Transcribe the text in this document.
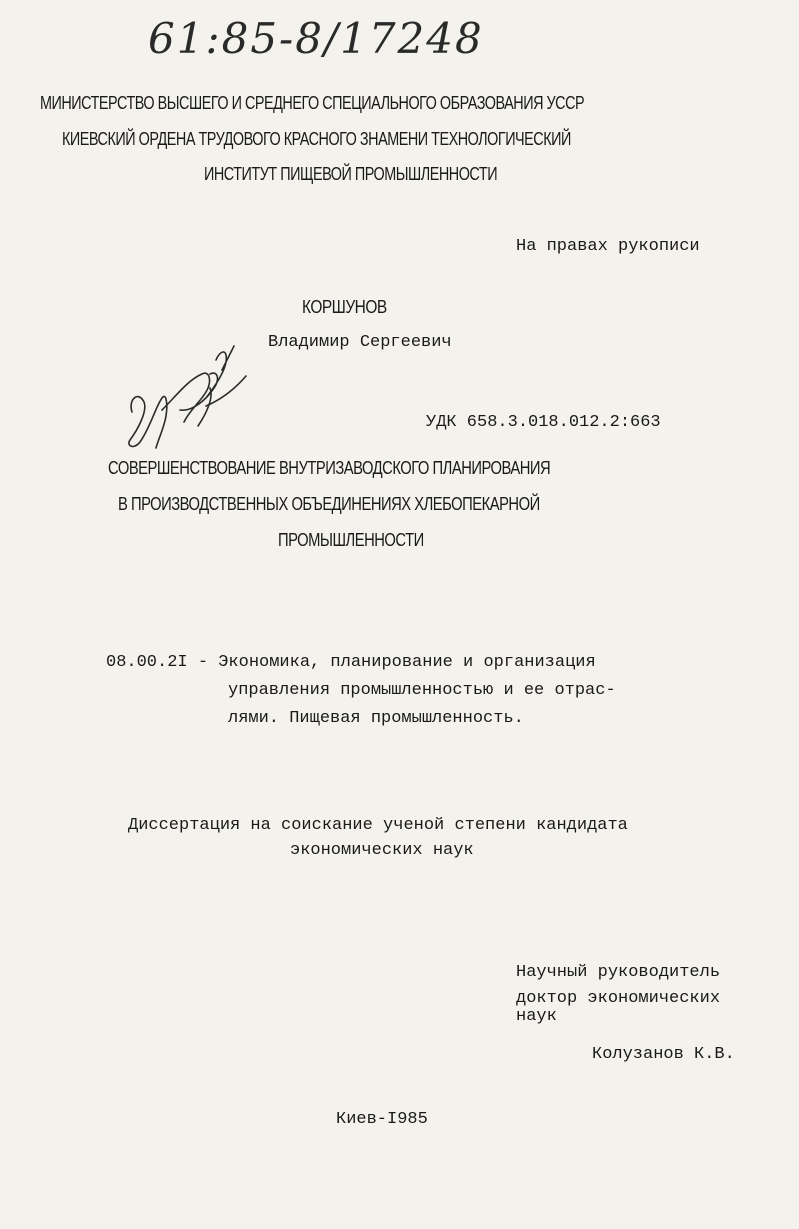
61:85-8/17248
МИНИСТЕРСТВО ВЫСШЕГО И СРЕДНЕГО СПЕЦИАЛЬНОГО ОБРАЗОВАНИЯ УССР
КИЕВСКИЙ ОРДЕНА ТРУДОВОГО КРАСНОГО ЗНАМЕНИ ТЕХНОЛОГИЧЕСКИЙ
ИНСТИТУТ ПИЩЕВОЙ ПРОМЫШЛЕННОСТИ
На правах рукописи
КОРШУНОВ
Владимир Сергеевич
УДК 658.3.018.012.2:663
СОВЕРШЕНСТВОВАНИЕ ВНУТРИЗАВОДСКОГО ПЛАНИРОВАНИЯ
В ПРОИЗВОДСТВЕННЫХ ОБЪЕДИНЕНИЯХ ХЛЕБОПЕКАРНОЙ
ПРОМЫШЛЕННОСТИ
08.00.2I - Экономика, планирование и организация
управления промышленностью и ее отрас-
лями. Пищевая промышленность.
Диссертация на соискание ученой степени кандидата
экономических наук
Научный руководитель
доктор экономических
наук
Колузанов К.В.
Киев-I985
